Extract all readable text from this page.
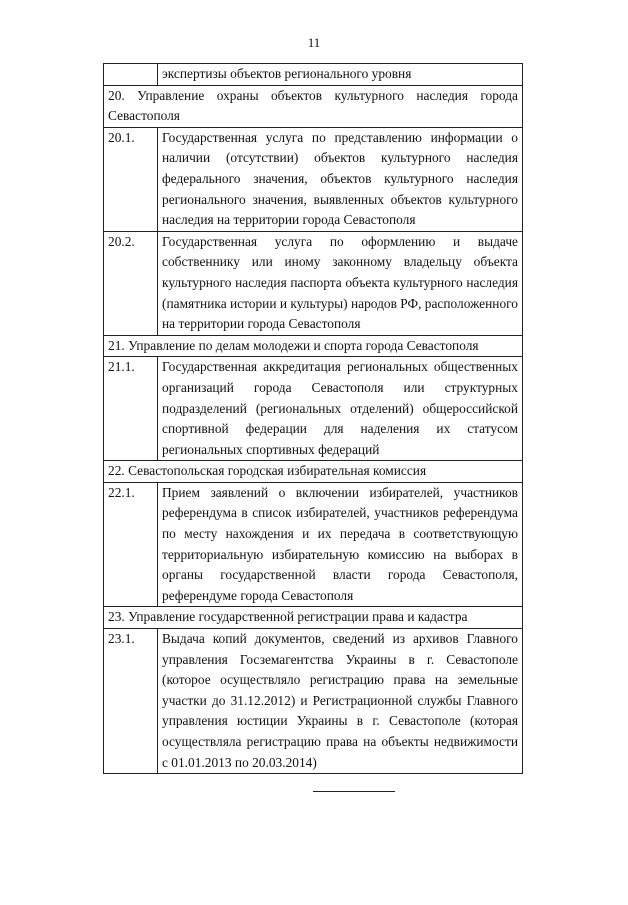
11
	экспертизы объектов регионального уровня
20. Управление охраны объектов культурного наследия города Севастополя	
20.1.	Государственная услуга по представлению информации о наличии (отсутствии) объектов культурного наследия федерального значения, объектов культурного наследия регионального значения, выявленных объектов культурного наследия на территории города Севастополя
20.2.	Государственная услуга по оформлению и выдаче собственнику или иному законному владельцу объекта культурного наследия паспорта объекта культурного наследия (памятника истории и культуры) народов РФ, расположенного на территории города Севастополя
21. Управление по делам молодежи и спорта города Севастополя	
21.1.	Государственная аккредитация региональных общественных организаций города Севастополя или структурных подразделений (региональных отделений) общероссийской спортивной федерации для наделения их статусом региональных спортивных федераций
22. Севастопольская городская избирательная комиссия	
22.1.	Прием заявлений о включении избирателей, участников референдума в список избирателей, участников референдума по месту нахождения и их передача в соответствующую территориальную избирательную комиссию на выборах в органы государственной власти города Севастополя, референдуме города Севастополя
23. Управление государственной регистрации права и кадастра	
23.1.	Выдача копий документов, сведений из архивов Главного управления Госземагентства Украины в г. Севастополе (которое осуществляло регистрацию права на земельные участки до 31.12.2012) и Регистрационной службы Главного управления юстиции Украины в г. Севастополе (которая осуществляла регистрацию права на объекты недвижимости с 01.01.2013 по 20.03.2014)
